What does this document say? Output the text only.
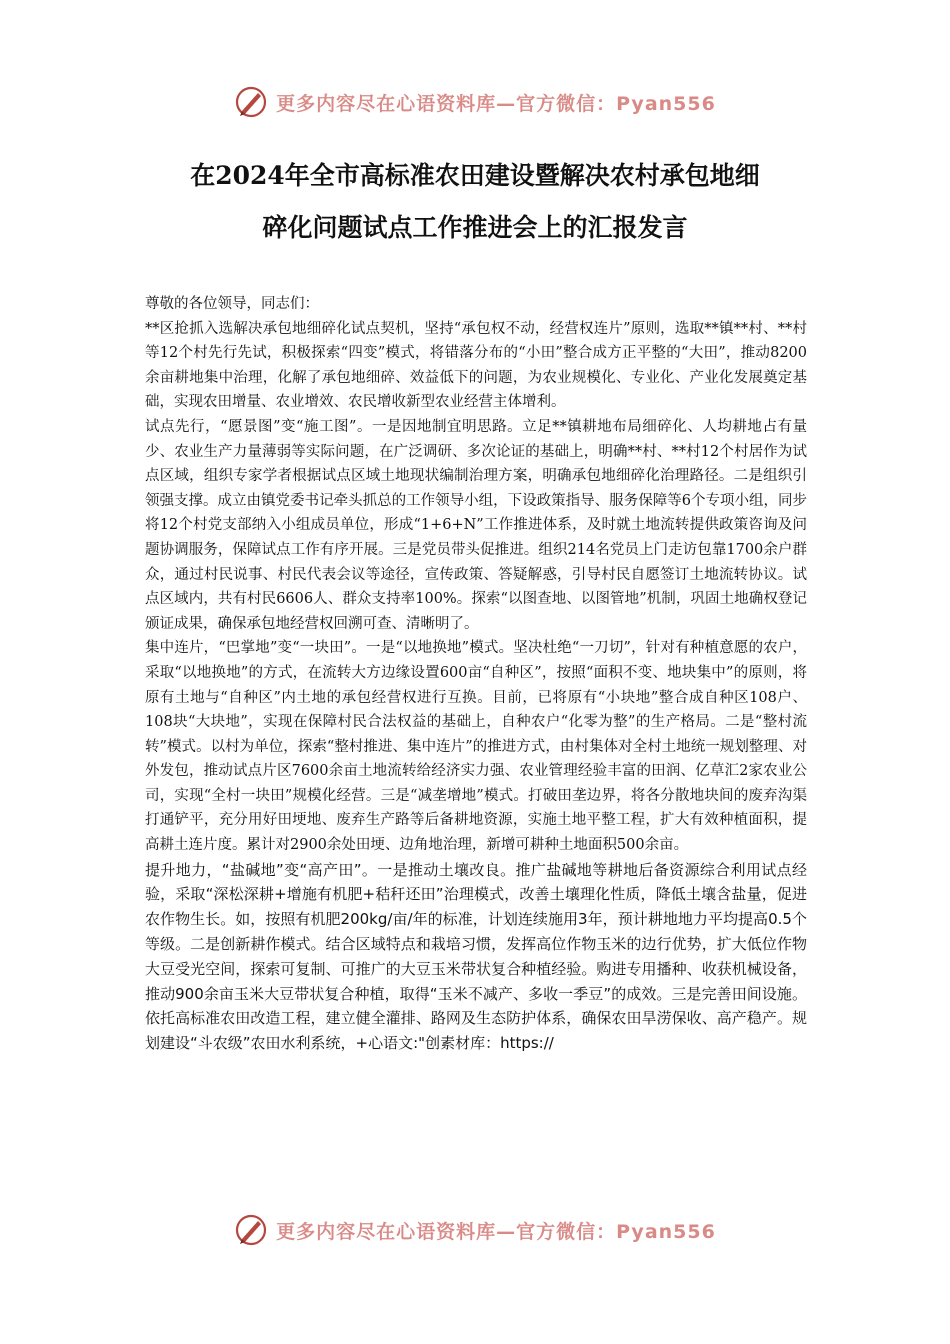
更多内容尽在心语资料库—官方微信：Pyan556
在2024年全市高标准农田建设暨解决农村承包地细
碎化问题试点工作推进会上的汇报发言

尊敬的各位领导，同志们：

**区抢抓入选解决承包地细碎化试点契机，坚持“承包权不动，经营权连片”原则，选取**镇**村、**村等12个村先行先试，积极探索“四变”模式，将错落分布的“小田”整合成方正平整的“大田”，推动8200余亩耕地集中治理，化解了承包地细碎、效益低下的问题，为农业规模化、专业化、产业化发展奠定基础，实现农田增量、农业增效、农民增收新型农业经营主体增利。

试点先行，“愿景图”变“施工图”。一是因地制宜明思路。立足**镇耕地布局细碎化、人均耕地占有量少、农业生产力量薄弱等实际问题，在广泛调研、多次论证的基础上，明确**村、**村12个村居作为试点区域，组织专家学者根据试点区域土地现状编制治理方案，明确承包地细碎化治理路径。二是组织引领强支撑。成立由镇党委书记牵头抓总的工作领导小组，下设政策指导、服务保障等6个专项小组，同步将12个村党支部纳入小组成员单位，形成“1+6+N”工作推进体系，及时就土地流转提供政策咨询及问题协调服务，保障试点工作有序开展。三是党员带头促推进。组织214名党员上门走访包靠1700余户群众，通过村民说事、村民代表会议等途径，宣传政策、答疑解惑，引导村民自愿签订土地流转协议。试点区域内，共有村民6606人、群众支持率100%。探索“以图查地、以图管地”机制，巩固土地确权登记颁证成果，确保承包地经营权回溯可查、清晰明了。

集中连片，“巴掌地”变“一块田”。一是“以地换地”模式。坚决杜绝“一刀切”，针对有种植意愿的农户，采取“以地换地”的方式，在流转大方边缘设置600亩“自种区”，按照“面积不变、地块集中”的原则，将原有土地与“自种区”内土地的承包经营权进行互换。目前，已将原有“小块地”整合成自种区108户、108块“大块地”，实现在保障村民合法权益的基础上，自种农户“化零为整”的生产格局。二是“整村流转”模式。以村为单位，探索“整村推进、集中连片”的推进方式，由村集体对全村土地统一规划整理、对外发包，推动试点片区7600余亩土地流转给经济实力强、农业管理经验丰富的田润、亿草汇2家农业公司，实现“全村一块田”规模化经营。三是“减垄增地”模式。打破田垄边界，将各分散地块间的废弃沟渠打通铲平，充分用好田埂地、废弃生产路等后备耕地资源，实施土地平整工程，扩大有效种植面积，提高耕土连片度。累计对2900余处田埂、边角地治理，新增可耕种土地面积500余亩。

提升地力，“盐碱地”变“高产田”。一是推动土壤改良。推广盐碱地等耕地后备资源综合利用试点经验，采取“深松深耕+增施有机肥+秸秆还田”治理模式，改善土壤理化性质，降低土壤含盐量，促进农作物生长。如，按照有机肥200kg/亩/年的标准，计划连续施用3年，预计耕地地力平均提高0.5个等级。二是创新耕作模式。结合区域特点和栽培习惯，发挥高位作物玉米的边行优势，扩大低位作物大豆受光空间，探索可复制、可推广的大豆玉米带状复合种植经验。购进专用播种、收获机械设备，推动900余亩玉米大豆带状复合种植，取得“玉米不减产、多收一季豆”的成效。三是完善田间设施。依托高标准农田改造工程，建立健全灌排、路网及生态防护体系，确保农田旱涝保收、高产稳产。规划建设“斗农级”农田水利系统，+心语文:"创素材库：https://

更多内容尽在心语资料库—官方微信：Pyan556
